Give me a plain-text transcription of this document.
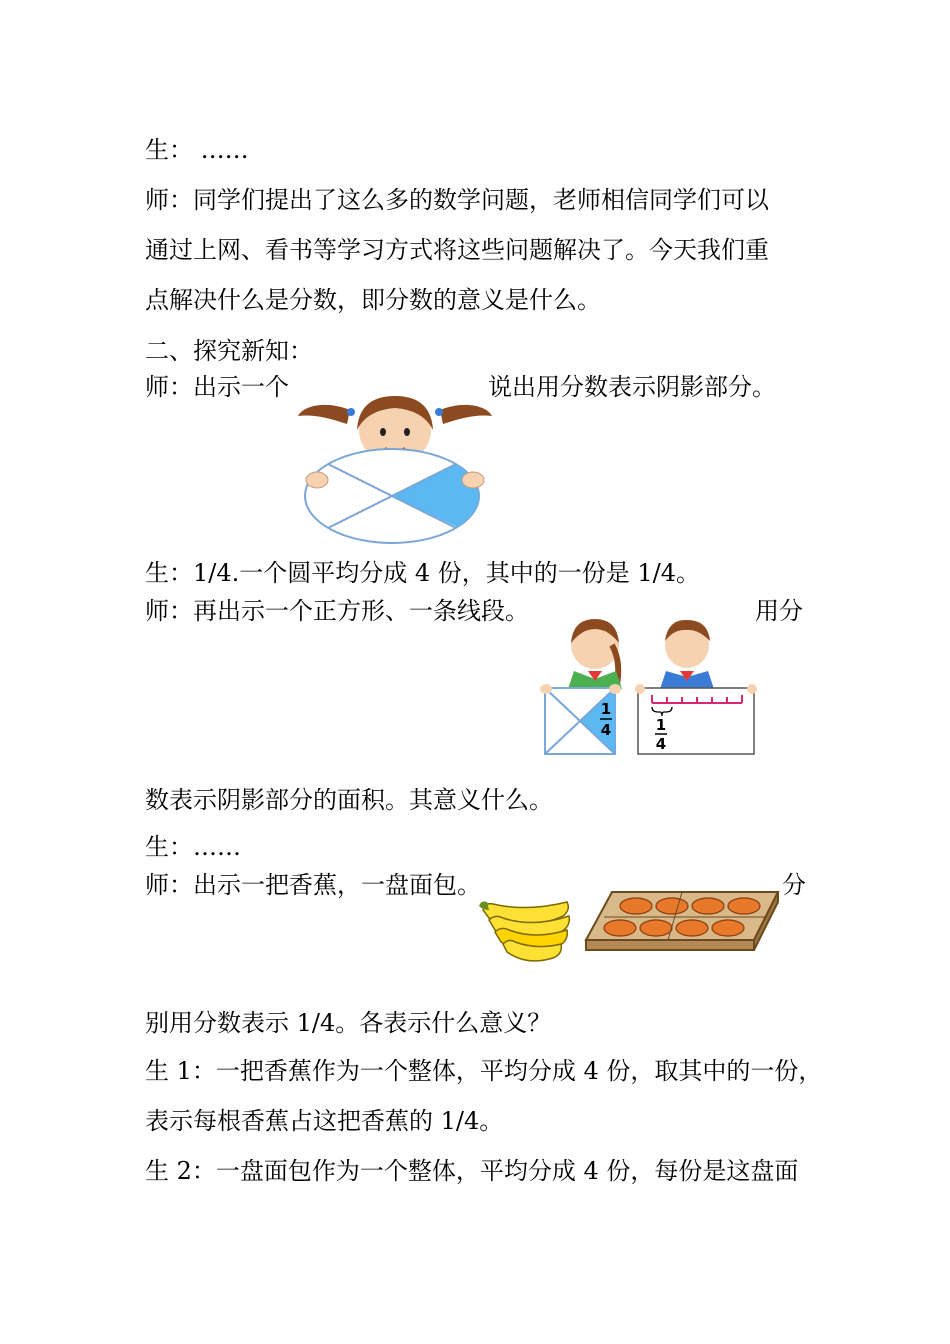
生： ……
师：同学们提出了这么多的数学问题，老师相信同学们可以
通过上网、看书等学习方式将这些问题解决了。今天我们重
点解决什么是分数，即分数的意义是什么。
二、探究新知：
师：出示一个	说出用分数表示阴影部分。
生：1/4.一个圆平均分成 4 份，其中的一份是 1/4。
师：再出示一个正方形、一条线段。	用分
数表示阴影部分的面积。其意义什么。
生：……
师：出示一把香蕉，一盘面包。	分
别用分数表示 1/4。各表示什么意义？
生 1：一把香蕉作为一个整体，平均分成 4 份，取其中的一份，
表示每根香蕉占这把香蕉的 1/4。
生 2：一盘面包作为一个整体，平均分成 4 份，每份是这盘面
1
4	1
4
